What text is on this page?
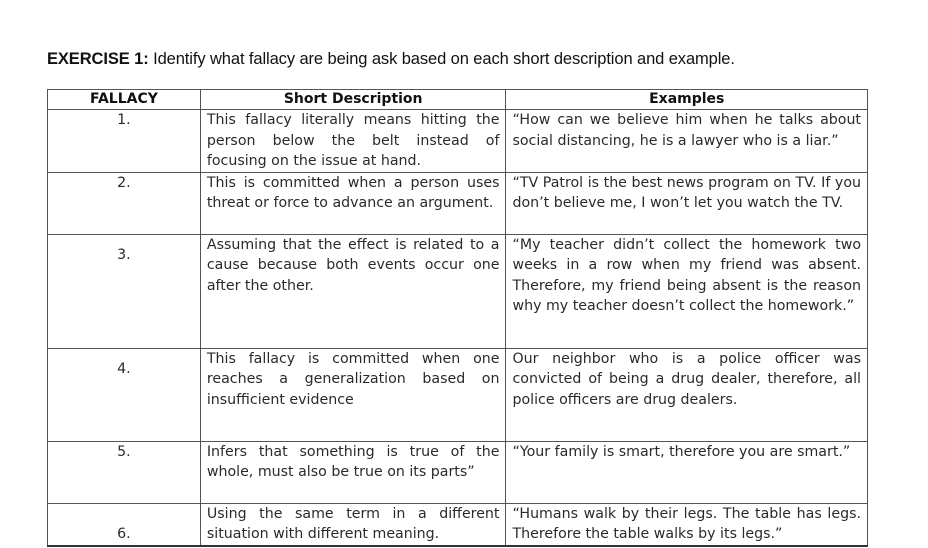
EXERCISE 1: Identify what fallacy are being ask based on each short description and example.
FALLACY	Short Description	Examples
1.	This fallacy literally means hitting the person below the belt instead of focusing on the issue at hand.	“How can we believe him when he talks about social distancing, he is a lawyer who is a liar.”
2.	This is committed when a person uses threat or force to advance an argument.	“TV Patrol is the best news program on TV. If you don’t believe me, I won’t let you watch the TV.
3.	Assuming that the effect is related to a cause because both events occur one after the other.	“My teacher didn’t collect the homework two weeks in a row when my friend was absent. Therefore, my friend being absent is the reason why my teacher doesn’t collect the homework.”
4.	This fallacy is committed when one reaches a generalization based on insufficient evidence	Our neighbor who is a police officer was convicted of being a drug dealer, therefore, all police officers are drug dealers.
5.	Infers that something is true of the whole, must also be true on its parts”	“Your family is smart, therefore you are smart.”
6.	Using the same term in a different situation with different meaning.	“Humans walk by their legs. The table has legs. Therefore the table walks by its legs.”
